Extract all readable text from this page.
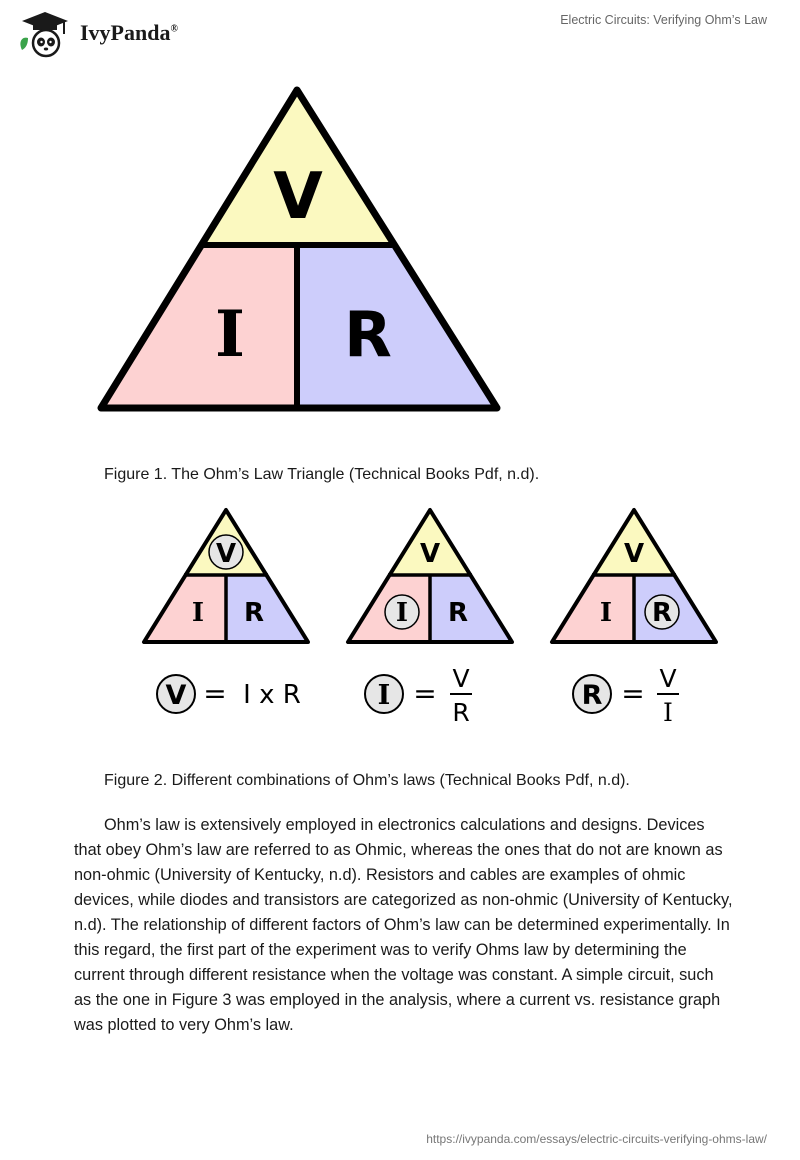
IvyPanda®
Electric Circuits: Verifying Ohm’s Law
V
I R
Figure 1. The Ohm’s Law Triangle (Technical Books Pdf, n.d).
V
I R
V
I R
V
I R
V = I x R	I = V
R
R = V
I
Figure 2. Different combinations of Ohm’s laws (Technical Books Pdf, n.d).

Ohm’s law is extensively employed in electronics calculations and designs. Devices that obey Ohm’s law are referred to as Ohmic, whereas the ones that do not are known as non-ohmic (University of Kentucky, n.d). Resistors and cables are examples of ohmic devices, while diodes and transistors are categorized as non-ohmic (University of Kentucky, n.d). The relationship of different factors of Ohm’s law can be determined experimentally. In this regard, the first part of the experiment was to verify Ohms law by determining the current through different resistance when the voltage was constant. A simple circuit, such as the one in Figure 3 was employed in the analysis, where a current vs. resistance graph was plotted to very Ohm’s law.

https://ivypanda.com/essays/electric-circuits-verifying-ohms-law/
